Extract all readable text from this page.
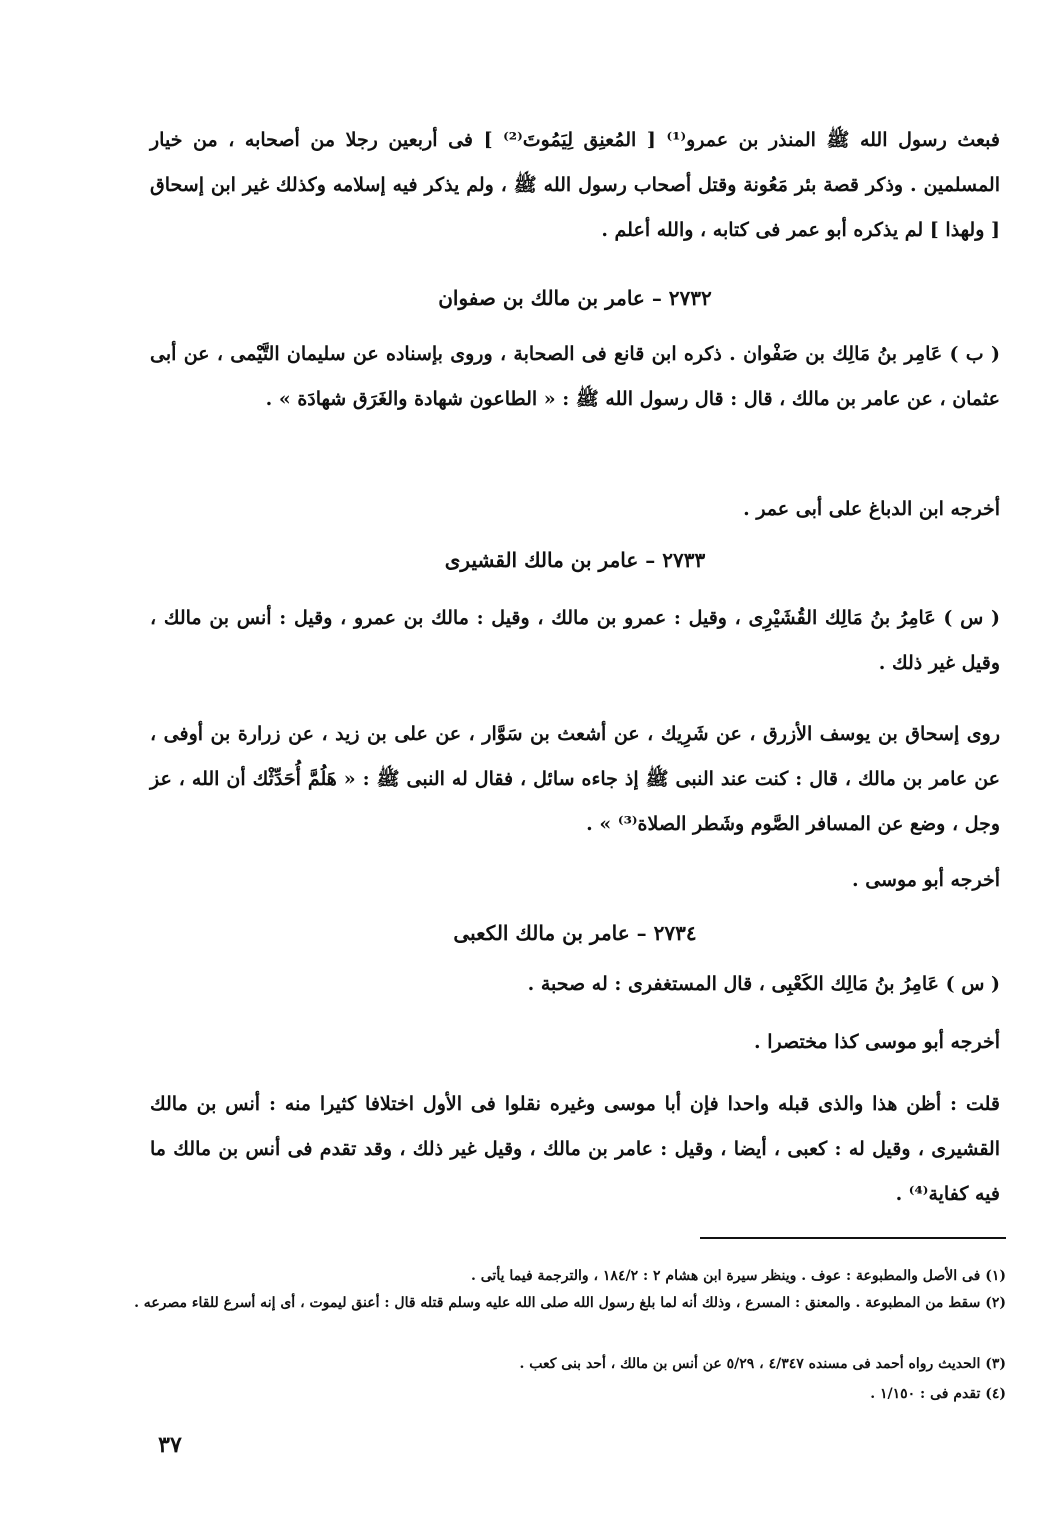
فبعث رسول الله ﷺ المنذر بن عمرو⁽¹⁾ [ المُعنِق لِيَمُوتَ⁽²⁾ ] فى أربعين رجلا من أصحابه ، من خيار المسلمين . وذكر قصة بئر مَعُونة وقتل أصحاب رسول الله ﷺ ، ولم يذكر فيه إسلامه وكذلك غير ابن إسحاق [ ولهذا ] لم يذكره أبو عمر فى كتابه ، والله أعلم .

٢٧٣٢ – عامر بن مالك بن صفوان

( ب ) عَامِر بنُ مَالِك بن صَفْوان . ذكره ابن قانع فى الصحابة ، وروى بإسناده عن سليمان التَّيْمى ، عن أبى عثمان ، عن عامر بن مالك ، قال : قال رسول الله ﷺ : « الطاعون شهادة والغَرَق شهادَة » .

أخرجه ابن الدباغ على أبى عمر .

٢٧٣٣ – عامر بن مالك القشيرى

( س ) عَامِرُ بنُ مَالِك القُشَيْرِى ، وقيل : عمرو بن مالك ، وقيل : مالك بن عمرو ، وقيل : أنس بن مالك ، وقيل غير ذلك .

روى إسحاق بن يوسف الأزرق ، عن شَرِيك ، عن أشعث بن سَوَّار ، عن على بن زيد ، عن زرارة بن أوفى ، عن عامر بن مالك ، قال : كنت عند النبى ﷺ إذ جاءه سائل ، فقال له النبى ﷺ : « هَلُمَّ أُحَدِّثْك أن الله ، عز وجل ، وضع عن المسافر الصَّوم وشَطر الصلاة⁽³⁾ » .

أخرجه أبو موسى .

٢٧٣٤ – عامر بن مالك الكعبى

( س ) عَامِرُ بنُ مَالِك الكَعْبِى ، قال المستغفرى : له صحبة .

أخرجه أبو موسى كذا مختصرا .

قلت : أظن هذا والذى قبله واحدا فإن أبا موسى وغيره نقلوا فى الأول اختلافا كثيرا منه : أنس بن مالك القشيرى ، وقيل له : كعبى ، أيضا ، وقيل : عامر بن مالك ، وقيل غير ذلك ، وقد تقدم فى أنس بن مالك ما فيه كفاية⁽⁴⁾ .

(١) فى الأصل والمطبوعة : عوف . وينظر سيرة ابن هشام ٢ : ١٨٤/٢ ، والترجمة فيما يأتى .

(٢) سقط من المطبوعة . والمعنق : المسرع ، وذلك أنه لما بلغ رسول الله صلى الله عليه وسلم قتله قال : أعنق ليموت ، أى إنه أسرع للقاء مصرعه .

(٣) الحديث رواه أحمد فى مسنده ٤/٣٤٧ ، ٥/٢٩ عن أنس بن مالك ، أحد بنى كعب .

(٤) تقدم فى : ١/١٥٠ .

٣٧
